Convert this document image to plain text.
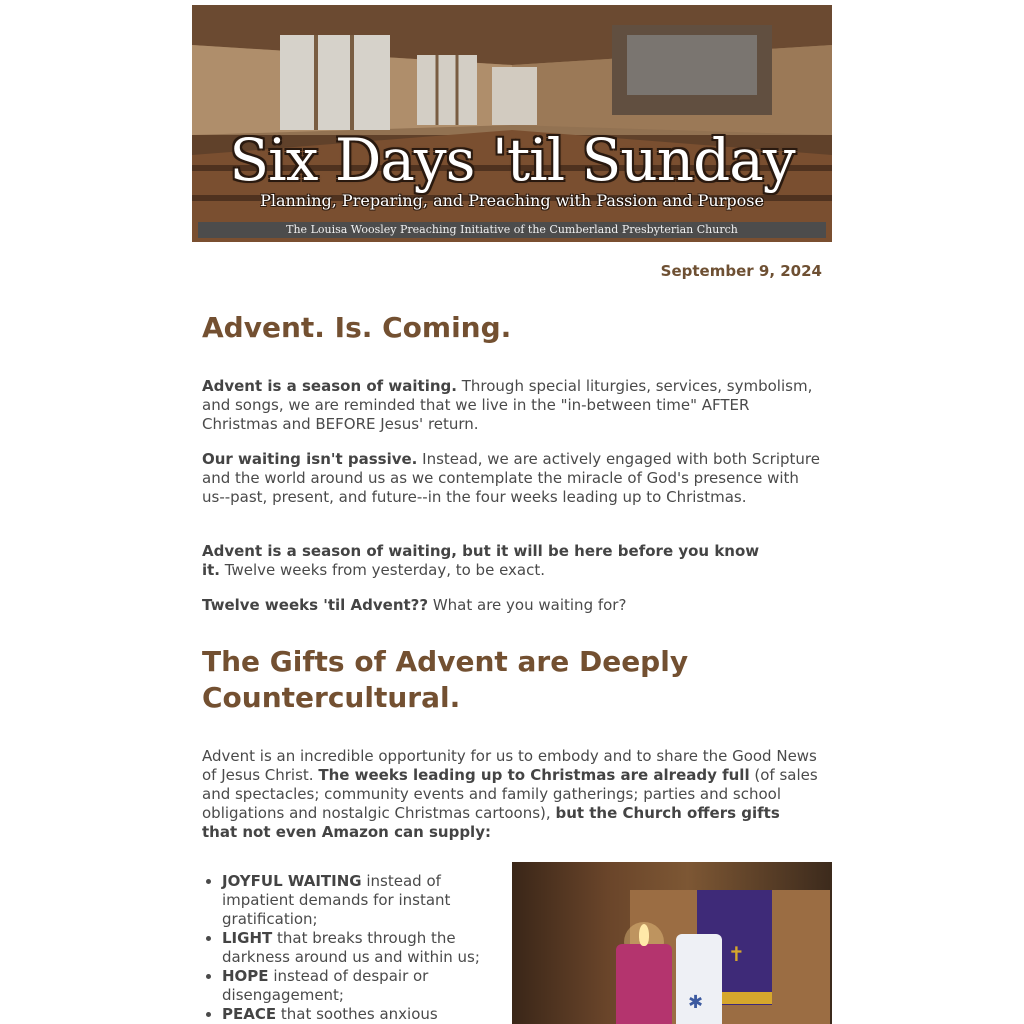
Six Days 'til Sunday
Planning, Preparing, and Preaching with Passion and Purpose
The Louisa Woosley Preaching Initiative of the Cumberland Presbyterian Church
September 9, 2024
Advent. Is. Coming.

Advent is a season of waiting. Through special liturgies, services, symbolism, and songs, we are reminded that we live in the "in-between time" AFTER Christmas and BEFORE Jesus' return.

Our waiting isn't passive. Instead, we are actively engaged with both Scripture and the world around us as we contemplate the miracle of God's presence with us--past, present, and future--in the four weeks leading up to Christmas.

Advent is a season of waiting, but it will be here before you know it. Twelve weeks from yesterday, to be exact.

Twelve weeks 'til Advent?? What are you waiting for?

The Gifts of Advent are Deeply Countercultural.

Advent is an incredible opportunity for us to embody and to share the Good News of Jesus Christ. The weeks leading up to Christmas are already full (of sales and spectacles; community events and family gatherings; parties and school obligations and nostalgic Christmas cartoons), but the Church offers gifts that not even Amazon can supply:

• JOYFUL WAITING instead of impatient demands for instant gratification;
• LIGHT that breaks through the darkness around us and within us;
• HOPE instead of despair or disengagement;
• PEACE that soothes anxious
✝
✱
